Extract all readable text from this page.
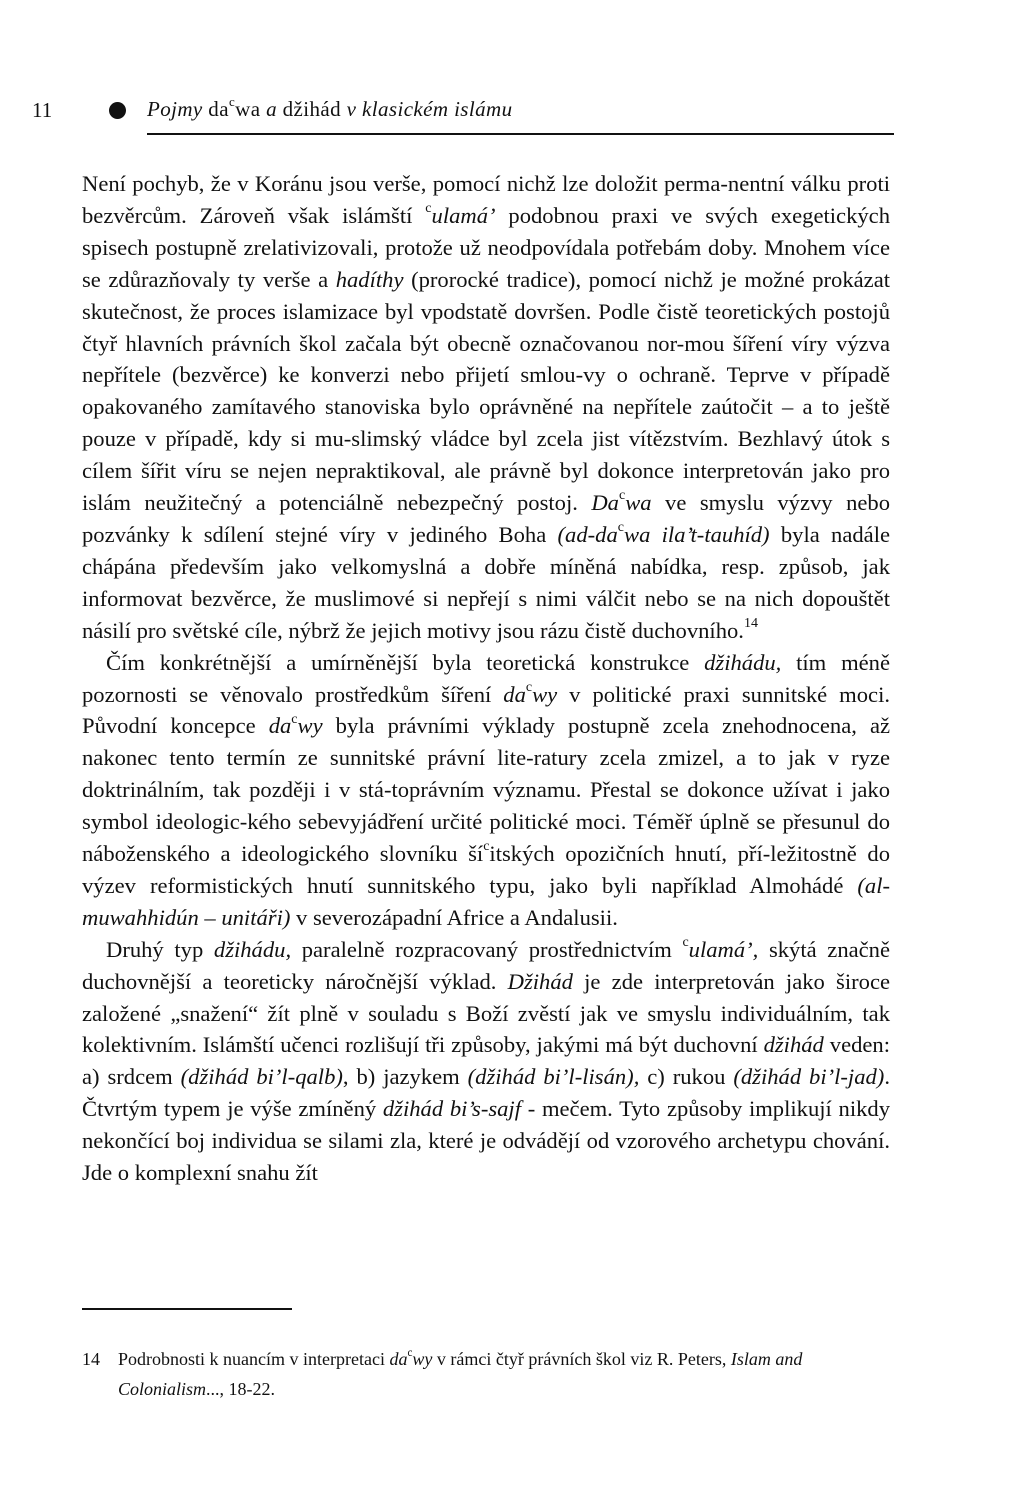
11	Pojmy $da^cwa$ a džihád v klasickém islámu

Není pochyb, že v Koránu jsou verše, pomocí nichž lze doložit perma-nentní válku proti bezvěrcům. Zároveň však islámští $^c$ulamá’ podobnou praxi ve svých exegetických spisech postupně zrelativizovali, protože už neodpovídala potřebám doby. Mnohem více se zdůrazňovaly ty verše a hadíthy (prorocké tradice), pomocí nichž je možné prokázat skutečnost, že proces islamizace byl vpodstatě dovršen. Podle čistě teoretických postojů čtyř hlavních právních škol začala být obecně označovanou nor-mou šíření víry výzva nepřítele (bezvěrce) ke konverzi nebo přijetí smlou-vy o ochraně. Teprve v případě opakovaného zamítavého stanoviska bylo oprávněné na nepřítele zaútočit – a to ještě pouze v případě, kdy si mu-slimský vládce byl zcela jist vítězstvím. Bezhlavý útok s cílem šířit víru se nejen nepraktikoval, ale právně byl dokonce interpretován jako pro islám neužitečný a potenciálně nebezpečný postoj. Da$^c$wa ve smyslu výzvy nebo pozvánky k sdílení stejné víry v jediného Boha ($ad-da^cwa$ ila’t-tauhíd) byla nadále chápána především jako velkomyslná a dobře míněná nabídka, resp. způsob, jak informovat bezvěrce, že muslimové si nepřejí s nimi válčit nebo se na nich dopouštět násilí pro světské cíle, nýbrž že jejich motivy jsou rázu čistě duchovního.$^{14}$

Čím konkrétnější a umírněnější byla teoretická konstrukce džihádu, tím méně pozornosti se věnovalo prostředkům šíření $da^cwy$ v politické praxi sunnitské moci. Původní koncepce $da^cwy$ byla právními výklady postupně zcela znehodnocena, až nakonec tento termín ze sunnitské právní lite-ratury zcela zmizel, a to jak v ryze doktrinálním, tak později i v stá-toprávním významu. Přestal se dokonce užívat i jako symbol ideologic-kého sebevyjádření určité politické moci. Téměř úplně se přesunul do náboženského a ideologického slovníku $ší^citských$ opozičních hnutí, pří-ležitostně do výzev reformistických hnutí sunnitského typu, jako byli například Almohádé (al-muwahhidún – unitáři) v severozápadní Africe a Andalusii.

Druhý typ džihádu, paralelně rozpracovaný prostřednictvím $^c$ulamá’, skýtá značně duchovnější a teoreticky náročnější výklad. Džihád je zde interpretován jako široce založené „snažení“ žít plně v souladu s Boží zvěstí jak ve smyslu individuálním, tak kolektivním. Islámští učenci rozlišují tři způsoby, jakými má být duchovní džihád veden: a) srdcem (džihád bi’l-qalb), b) jazykem (džihád bi’l-lisán), c) rukou (džihád bi’l-jad). Čtvrtým typem je výše zmíněný džihád bi’s-sajf - mečem. Tyto způsoby implikují nikdy nekončící boj individua se silami zla, které je odvádějí od vzorového archetypu chování. Jde o komplexní snahu žít

14 Podrobnosti k nuancím v interpretaci $da^cwy$ v rámci čtyř právních škol viz R. Peters, Islam and Colonialism..., 18-22.
